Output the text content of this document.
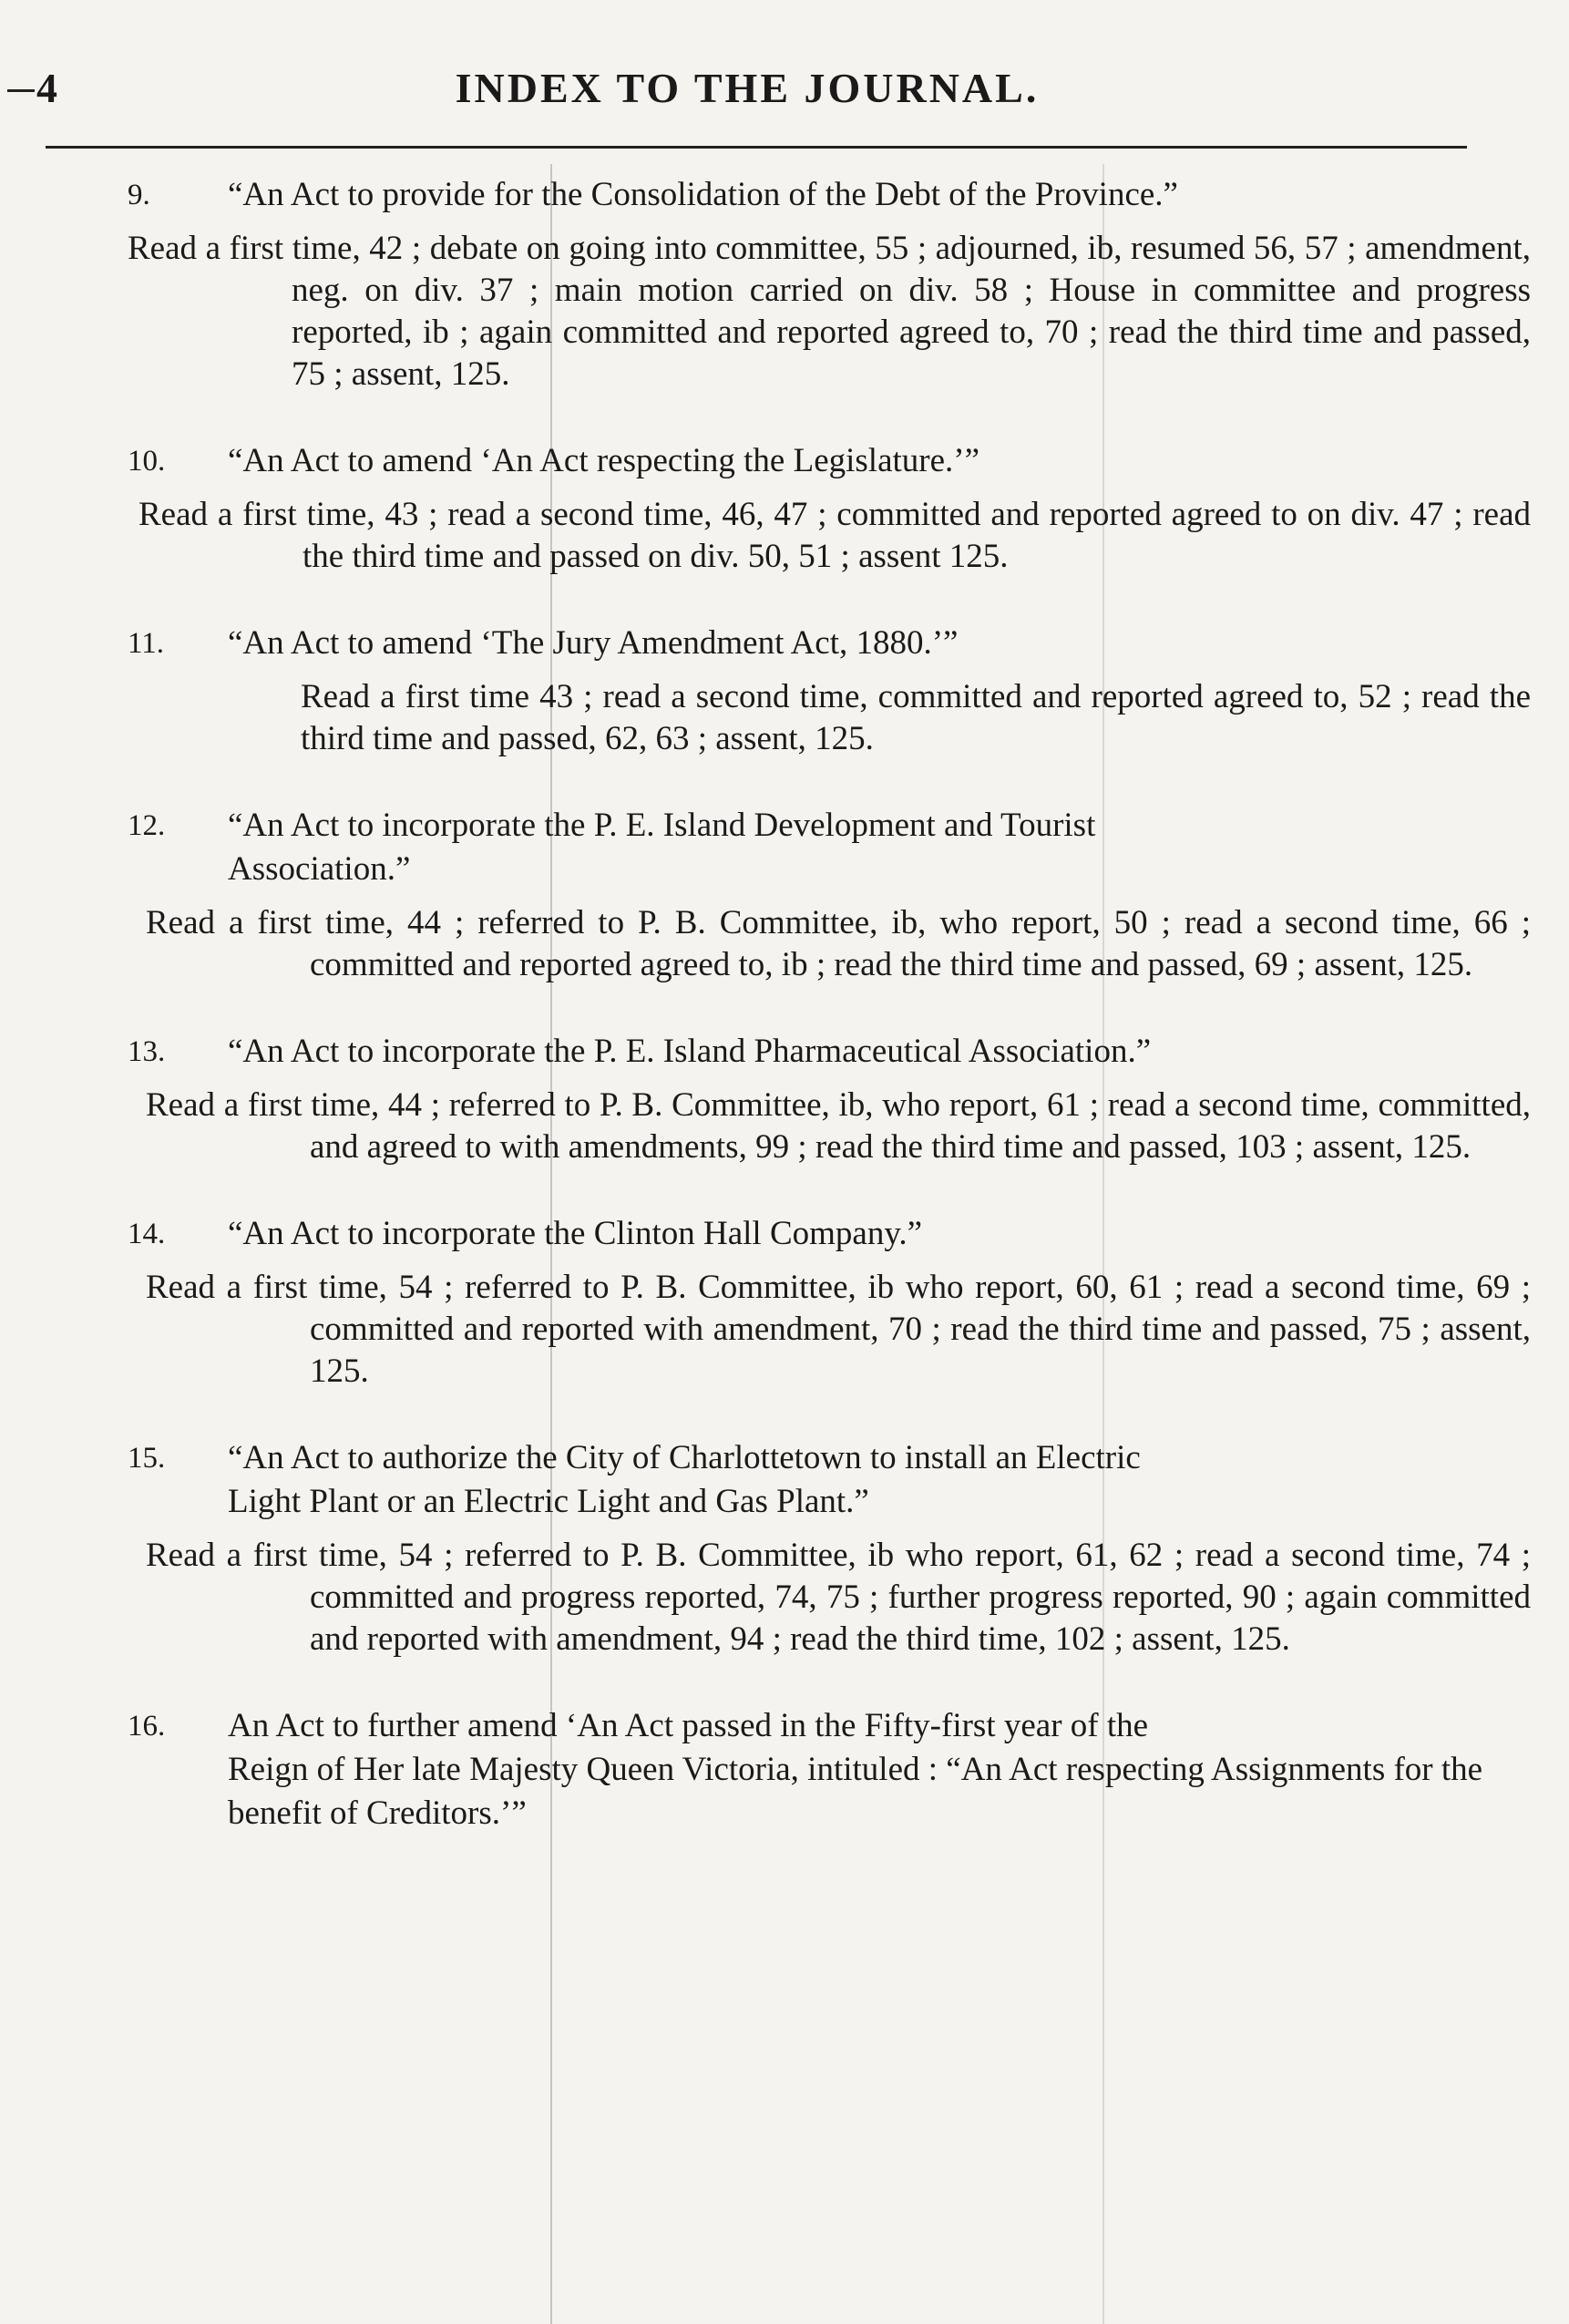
4	INDEX TO THE JOURNAL.
9.	“An Act to provide for the Consolidation of the Debt of the Province.”
Read a first time, 42 ; debate on going into committee, 55 ; adjourned, ib, resumed 56, 57 ; amendment, neg. on div. 37 ; main motion carried on div. 58 ; House in committee and progress reported, ib ; again committed and reported agreed to, 70 ; read the third time and passed, 75 ; assent, 125.
10.	“An Act to amend ‘An Act respecting the Legislature.’”
Read a first time, 43 ; read a second time, 46, 47 ; committed and reported agreed to on div. 47 ; read the third time and passed on div. 50, 51 ; assent 125.
11.	“An Act to amend ‘The Jury Amendment Act, 1880.’”
Read a first time 43 ; read a second time, committed and reported agreed to, 52 ; read the third time and passed, 62, 63 ; assent, 125.
12.	“An Act to incorporate the P. E. Island Development and Tourist
Association.”
Read a first time, 44 ; referred to P. B. Committee, ib, who report, 50 ; read a second time, 66 ; committed and reported agreed to, ib ; read the third time and passed, 69 ; assent, 125.
13.	“An Act to incorporate the P. E. Island Pharmaceutical Association.”
Read a first time, 44 ; referred to P. B. Committee, ib, who report, 61 ; read a second time, committed, and agreed to with amendments, 99 ; read the third time and passed, 103 ; assent, 125.
14.	“An Act to incorporate the Clinton Hall Company.”
Read a first time, 54 ; referred to P. B. Committee, ib who report, 60, 61 ; read a second time, 69 ; committed and reported with amendment, 70 ; read the third time and passed, 75 ; assent, 125.
15.	“An Act to authorize the City of Charlottetown to install an Electric
Light Plant or an Electric Light and Gas Plant.”
Read a first time, 54 ; referred to P. B. Committee, ib who report, 61, 62 ; read a second time, 74 ; committed and progress reported, 74, 75 ; further progress reported, 90 ; again committed and reported with amendment, 94 ; read the third time, 102 ; assent, 125.
16.	An Act to further amend ‘An Act passed in the Fifty-first year of the
Reign of Her late Majesty Queen Victoria, intituled : “An Act respecting Assignments for the benefit of Creditors.’”
